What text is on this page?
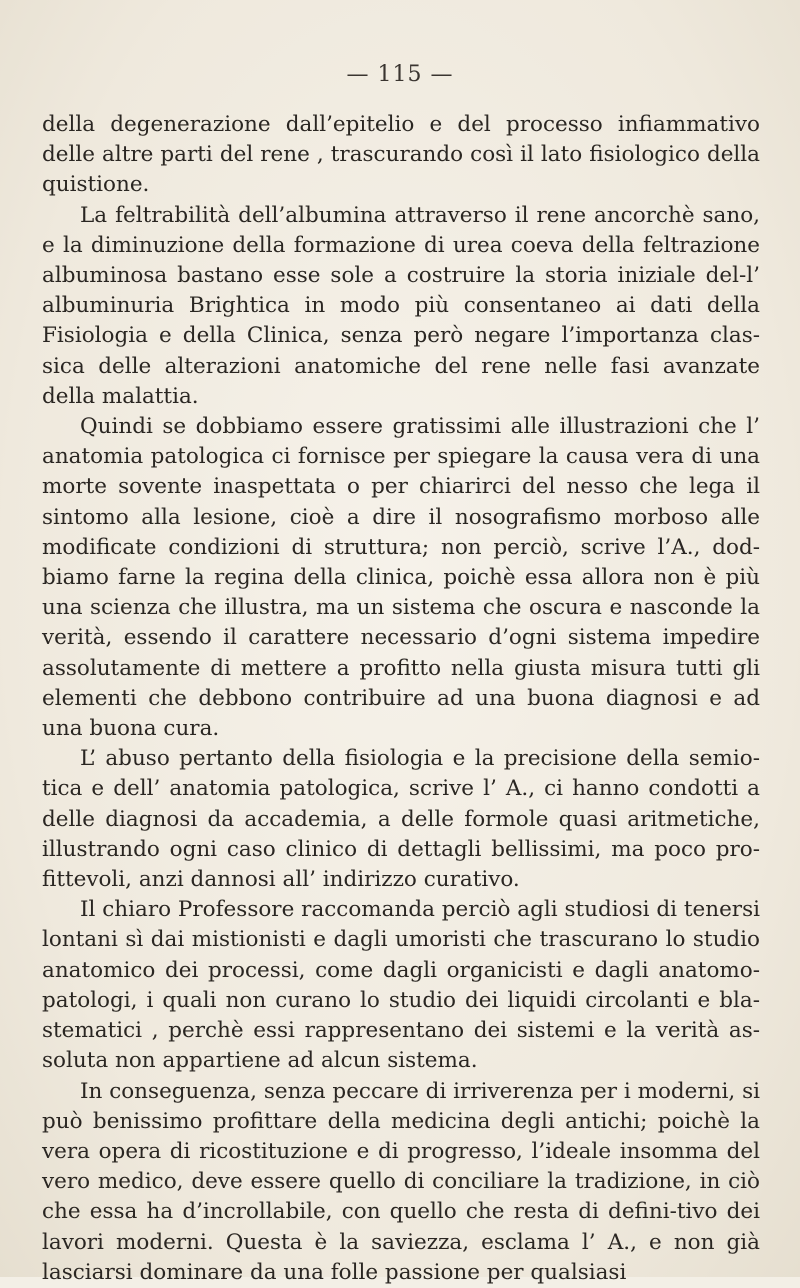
— 115 —

della degenerazione dall’epitelio e del processo infiammativo delle altre parti del rene , trascurando così il lato fisiologico della quistione.

La feltrabilità dell’albumina attraverso il rene ancorchè sano, e la diminuzione della formazione di urea coeva della feltrazione albuminosa bastano esse sole a costruire la storia iniziale del-l’ albuminuria Brightica in modo più consentaneo ai dati della Fisiologia e della Clinica, senza però negare l’importanza clas-sica delle alterazioni anatomiche del rene nelle fasi avanzate della malattia.

Quindi se dobbiamo essere gratissimi alle illustrazioni che l’ anatomia patologica ci fornisce per spiegare la causa vera di una morte sovente inaspettata o per chiarirci del nesso che lega il sintomo alla lesione, cioè a dire il nosografismo morboso alle modificate condizioni di struttura; non perciò, scrive l’A., dod-biamo farne la regina della clinica, poichè essa allora non è più una scienza che illustra, ma un sistema che oscura e nasconde la verità, essendo il carattere necessario d’ogni sistema impedire assolutamente di mettere a profitto nella giusta misura tutti gli elementi che debbono contribuire ad una buona diagnosi e ad una buona cura.

L’ abuso pertanto della fisiologia e la precisione della semio-tica e dell’ anatomia patologica, scrive l’ A., ci hanno condotti a delle diagnosi da accademia, a delle formole quasi aritmetiche, illustrando ogni caso clinico di dettagli bellissimi, ma poco pro-fittevoli, anzi dannosi all’ indirizzo curativo.

Il chiaro Professore raccomanda perciò agli studiosi di tenersi lontani sì dai mistionisti e dagli umoristi che trascurano lo studio anatomico dei processi, come dagli organicisti e dagli anatomo-patologi, i quali non curano lo studio dei liquidi circolanti e bla-stematici , perchè essi rappresentano dei sistemi e la verità as-soluta non appartiene ad alcun sistema.

In conseguenza, senza peccare di irriverenza per i moderni, si può benissimo profittare della medicina degli antichi; poichè la vera opera di ricostituzione e di progresso, l’ideale insomma del vero medico, deve essere quello di conciliare la tradizione, in ciò che essa ha d’incrollabile, con quello che resta di defini-tivo dei lavori moderni. Questa è la saviezza, esclama l’ A., e non già lasciarsi dominare da una folle passione per qualsiasi
